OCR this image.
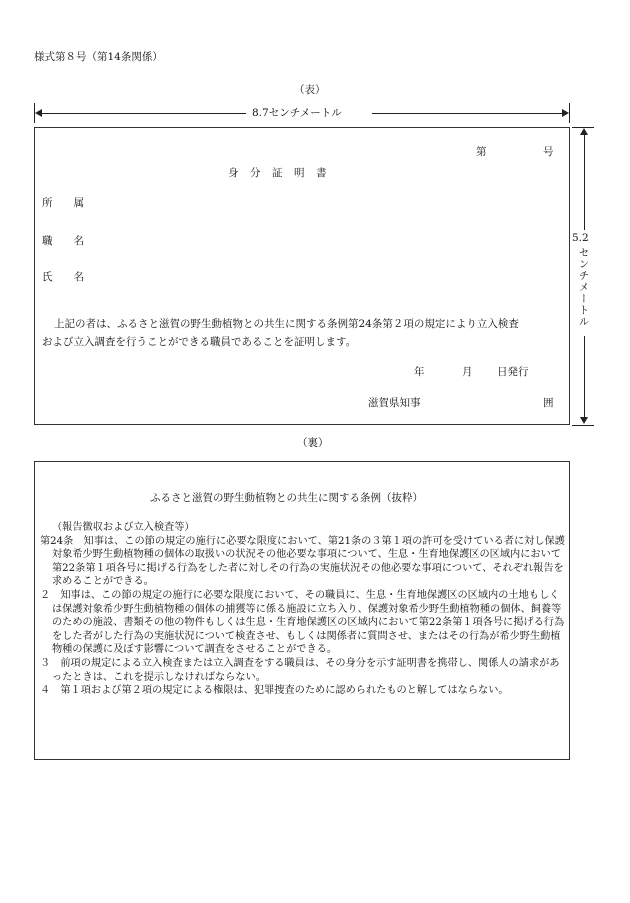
様式第８号（第14条関係）
（表）
8.7センチメートル
5.2
センチメートル
第	号
身　分　証　明　書
所　　属
職　　名
氏　　名
上記の者は、ふるさと滋賀の野生動植物との共生に関する条例第24条第２項の規定により立入検査
および立入調査を行うことができる職員であることを証明します。
年	月 日発行
滋賀県知事	囲
（裏）
ふるさと滋賀の野生動植物との共生に関する条例（抜粋）
（報告徴収および立入検査等）

第24条　知事は、この節の規定の施行に必要な限度において、第21条の３第１項の許可を受けている者に対し保護対象希少野生動植物種の個体の取扱いの状況その他必要な事項について、生息・生育地保護区の区域内において第22条第１項各号に掲げる行為をした者に対しその行為の実施状況その他必要な事項について、それぞれ報告を求めることができる。

２　知事は、この節の規定の施行に必要な限度において、その職員に、生息・生育地保護区の区域内の土地もしくは保護対象希少野生動植物種の個体の捕獲等に係る施設に立ち入り、保護対象希少野生動植物種の個体、飼養等のための施設、書類その他の物件もしくは生息・生育地保護区の区域内において第22条第１項各号に掲げる行為をした者がした行為の実施状況について検査させ、もしくは関係者に質問させ、またはその行為が希少野生動植物種の保護に及ぼす影響について調査をさせることができる。

３　前項の規定による立入検査または立入調査をする職員は、その身分を示す証明書を携帯し、関係人の請求があったときは、これを提示しなければならない。

４　第１項および第２項の規定による権限は、犯罪捜査のために認められたものと解してはならない。
